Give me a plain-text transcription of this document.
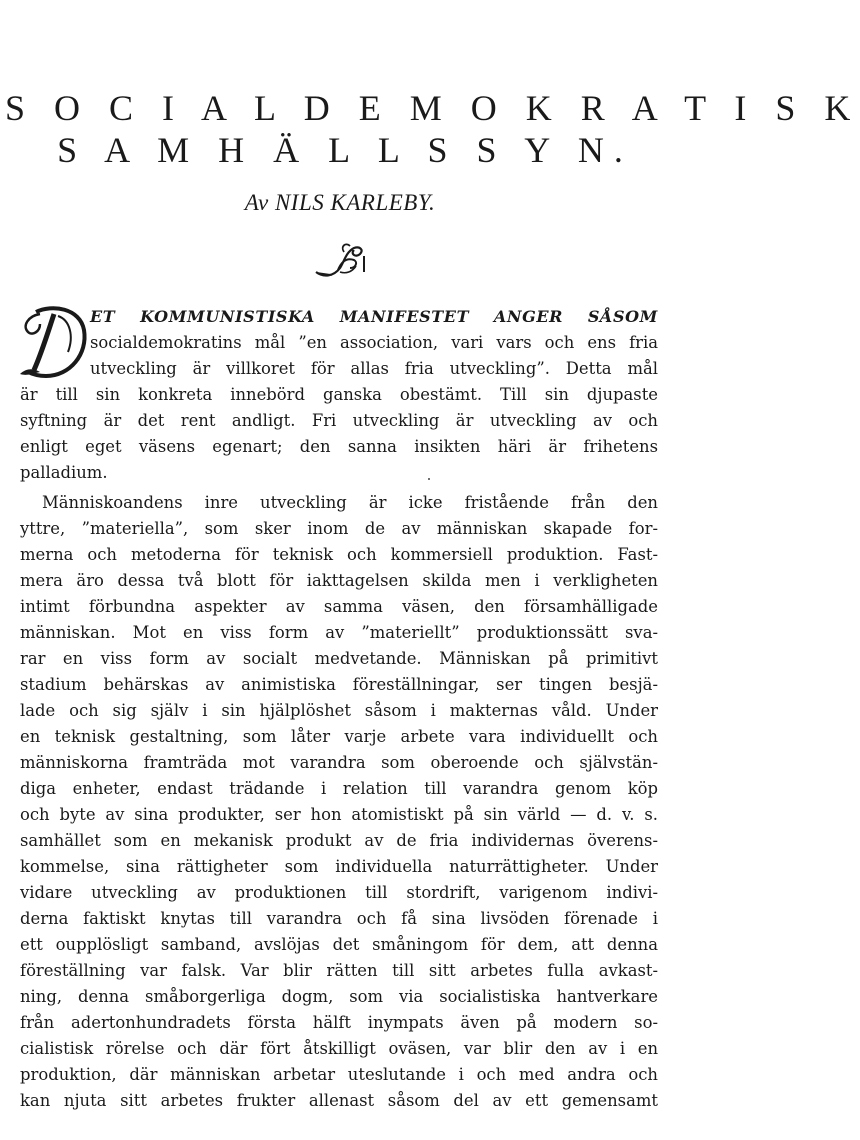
S O C I A L D E M O K R A T I S K
S A M H Ä L L S S Y N.
Av NILS KARLEBY.
ET KOMMUNISTISKA MANIFESTET ANGER SÅSOM
socialdemokratins mål ”en association, vari vars och ens fria
utveckling är villkoret för allas fria utveckling”. Detta mål
är till sin konkreta innebörd ganska obestämt. Till sin djupaste
syftning är det rent andligt. Fri utveckling är utveckling av och
enligt eget väsens egenart; den sanna insikten häri är frihetens
palladium.
Människoandens inre utveckling är icke fristående från den
yttre, ”materiella”, som sker inom de av människan skapade for-
merna och metoderna för teknisk och kommersiell produktion. Fast-
mera äro dessa två blott för iakttagelsen skilda men i verkligheten
intimt förbundna aspekter av samma väsen, den församhälligade
människan. Mot en viss form av ”materiellt” produktionssätt sva-
rar en viss form av socialt medvetande. Människan på primitivt
stadium behärskas av animistiska föreställningar, ser tingen besjä-
lade och sig själv i sin hjälplöshet såsom i makternas våld. Under
en teknisk gestaltning, som låter varje arbete vara individuellt och
människorna framträda mot varandra som oberoende och självstän-
diga enheter, endast trädande i relation till varandra genom köp
och byte av sina produkter, ser hon atomistiskt på sin värld — d. v. s.
samhället som en mekanisk produkt av de fria individernas överens-
kommelse, sina rättigheter som individuella naturrättigheter. Under
vidare utveckling av produktionen till stordrift, varigenom indivi-
derna faktiskt knytas till varandra och få sina livsöden förenade i
ett oupplösligt samband, avslöjas det småningom för dem, att denna
föreställning var falsk. Var blir rätten till sitt arbetes fulla avkast-
ning, denna småborgerliga dogm, som via socialistiska hantverkare
från adertonhundradets första hälft inympats även på modern so-
cialistisk rörelse och där fört åtskilligt oväsen, var blir den av i en
produktion, där människan arbetar uteslutande i och med andra och
kan njuta sitt arbetes frukter allenast såsom del av ett gemensamt
